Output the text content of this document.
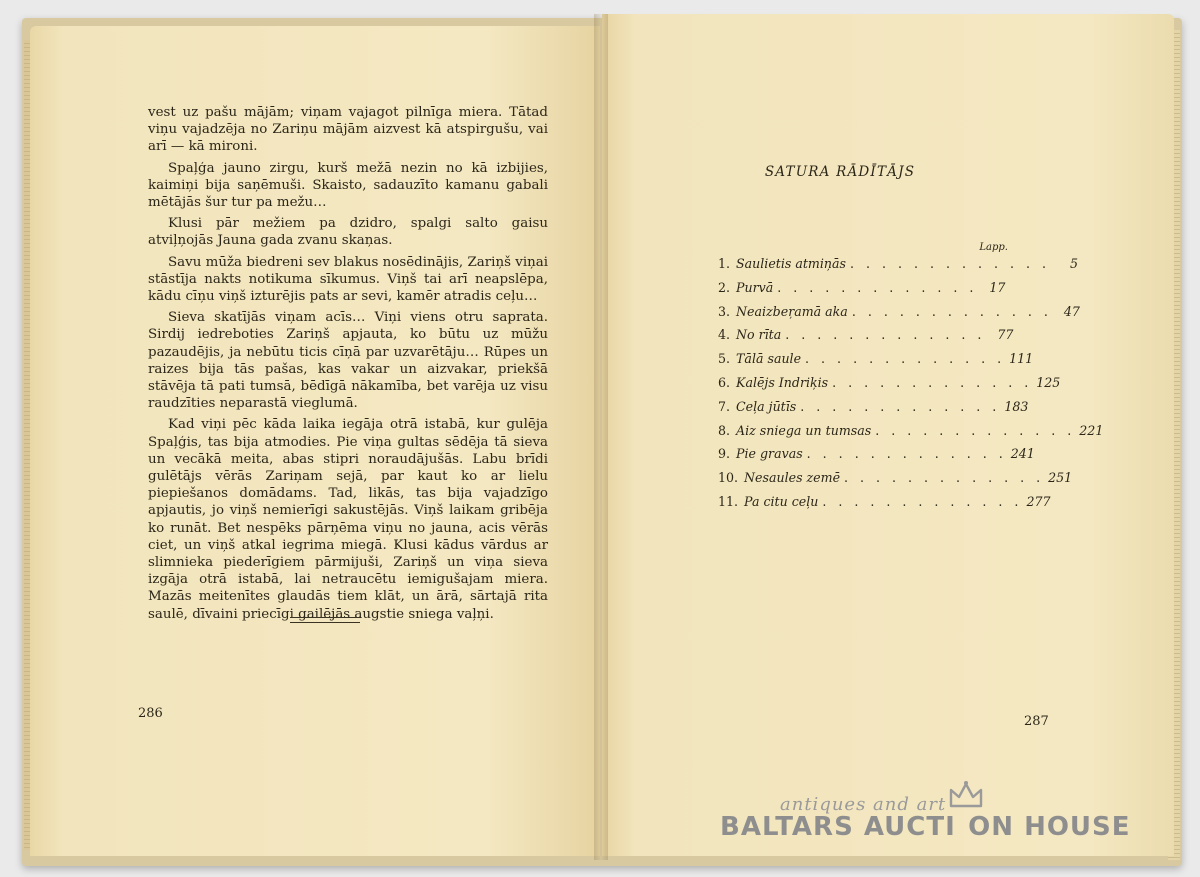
vest uz pašu mājām; viņam vajagot pilnīga miera. Tātad viņu vajadzēja no Zariņu mājām aizvest kā atspirgušu, vai arī — kā mironi.

Spaļģa jauno zirgu, kurš mežā nezin no kā izbijies, kaimiņi bija saņēmuši. Skaisto, sadauzīto kamanu gabali mētājās šur tur pa mežu…

Klusi pār mežiem pa dzidro, spalgi salto gaisu atviļņojās Jauna gada zvanu skaņas.

Savu mūža biedreni sev blakus nosēdinājis, Zariņš viņai stāstīja nakts notikuma sīkumus. Viņš tai arī neapslēpa, kādu cīņu viņš izturējis pats ar sevi, kamēr atradis ceļu…

Sieva skatījās viņam acīs… Viņi viens otru saprata. Sirdij iedreboties Zariņš apjauta, ko būtu uz mūžu pazaudējis, ja nebūtu ticis cīņā par uzvarētāju… Rūpes un raizes bija tās pašas, kas vakar un aizvakar, priekšā stāvēja tā pati tumsā, bēdīgā nākamība, bet varēja uz visu raudzīties neparastā vieglumā.

Kad viņi pēc kāda laika iegāja otrā istabā, kur gulēja Spaļģis, tas bija atmodies. Pie viņa gultas sēdēja tā sieva un vecākā meita, abas stipri noraudājušās. Labu brīdi gulētājs vērās Zariņam sejā, par kaut ko ar lielu piepiešanos domādams. Tad, likās, tas bija vajadzīgo apjautis, jo viņš nemierīgi sakustējās. Viņš laikam gribēja ko runāt. Bet nespēks pārņēma viņu no jauna, acis vērās ciet, un viņš atkal iegrima miegā. Klusi kādus vārdus ar slimnieka piederīgiem pārmijuši, Zariņš un viņa sieva izgāja otrā istabā, lai netraucētu iemigušajam miera. Mazās meitenītes glaudās tiem klāt, un ārā, sārtajā rita saulē, dīvaini priecīgi gailējās augstie sniega vaļņi.

286
SATURA RĀDĪTĀJS
Lapp.
1. Saulietis atmiņās . . . . . . . . . . . . .	5
2. Purvā . . . . . . . . . . . . . 17
3. Neaizbeŗamā aka . . . . . . . . . . . . . 47
4. No rīta . . . . . . . . . . . . . 77
5. Tālā saule . . . . . . . . . . . . . 111
6. Kalējs Indriķis . . . . . . . . . . . . . 125
7. Ceļa jūtīs . . . . . . . . . . . . . 183
8. Aiz sniega un tumsas . . . . . . . . . . . . . 221
9. Pie gravas . . . . . . . . . . . . . 241
10. Nesaules zemē . . . . . . . . . . . . . 251
11. Pa citu ceļu . . . . . . . . . . . . . 277
287
antiques and art
BALTARS AUCTI  ON HOUSE
